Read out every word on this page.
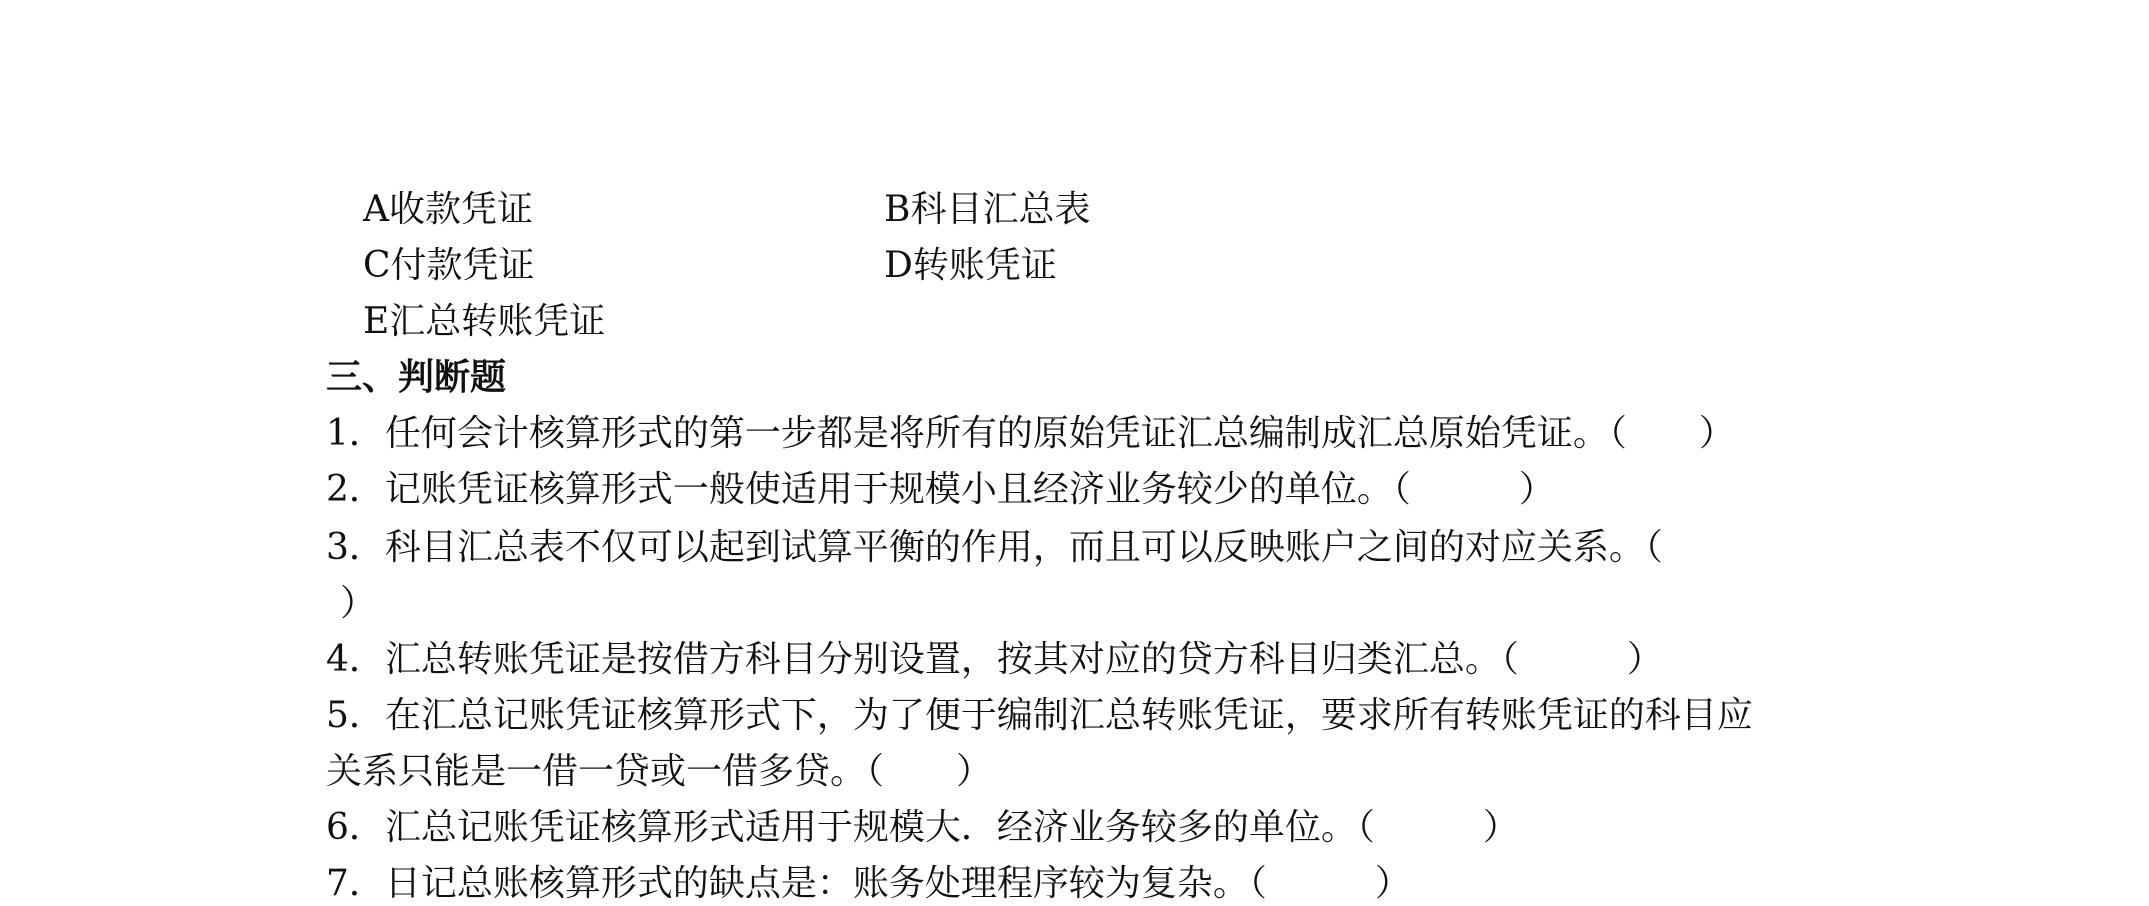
A收款凭证	B科目汇总表
C付款凭证	D转账凭证
E汇总转账凭证
三、判断题
1．任何会计核算形式的第一步都是将所有的原始凭证汇总编制成汇总原始凭证。（　　）
2．记账凭证核算形式一般使适用于规模小且经济业务较少的单位。（　　　）
3．科目汇总表不仅可以起到试算平衡的作用，而且可以反映账户之间的对应关系。（
）
4．汇总转账凭证是按借方科目分别设置，按其对应的贷方科目归类汇总。（　　　）
5．在汇总记账凭证核算形式下，为了便于编制汇总转账凭证，要求所有转账凭证的科目应
关系只能是一借一贷或一借多贷。（　　）
6．汇总记账凭证核算形式适用于规模大．经济业务较多的单位。（　　　）
7．日记总账核算形式的缺点是：账务处理程序较为复杂。（　　　）
